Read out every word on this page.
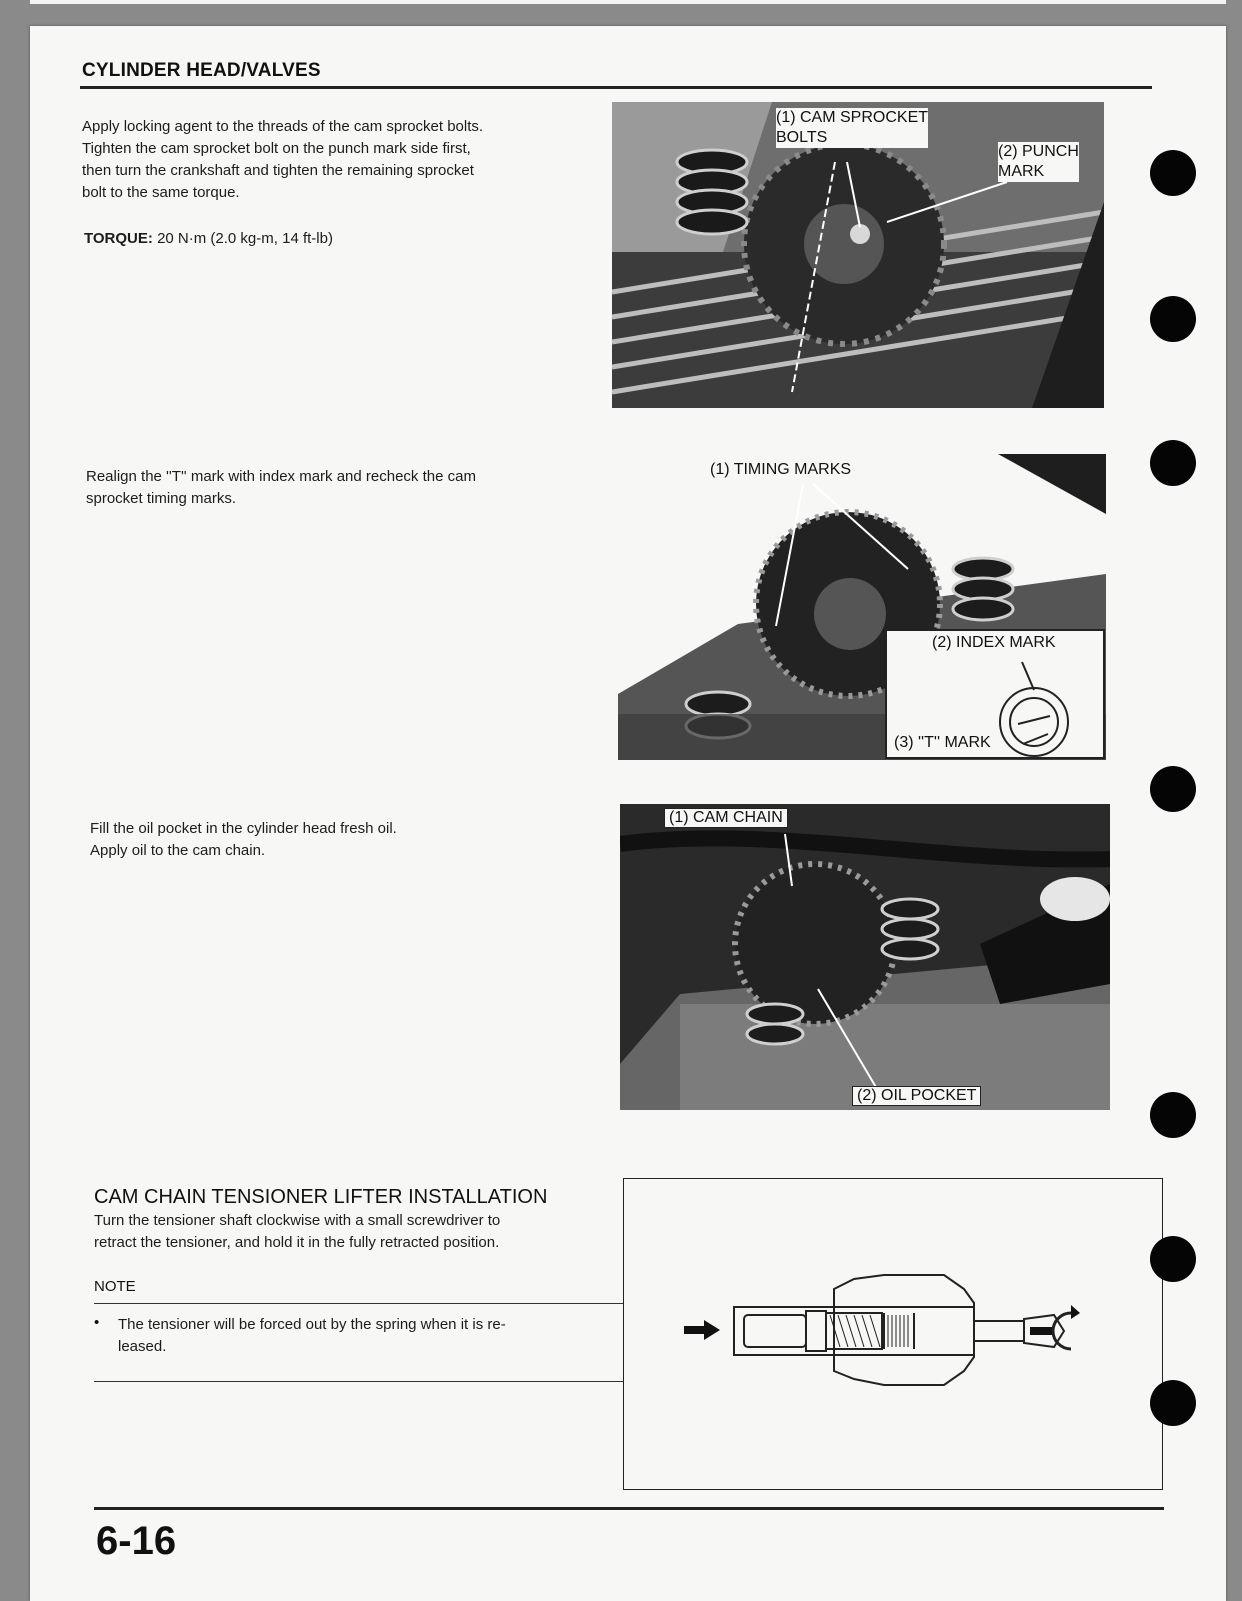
CYLINDER HEAD/VALVES
Apply locking agent to the threads of the cam sprocket bolts.
Tighten the cam sprocket bolt on the punch mark side first,
then turn the crankshaft and tighten the remaining sprocket
bolt to the same torque.
TORQUE: 20 N·m (2.0 kg-m, 14 ft-lb)
(1) CAM SPROCKET
BOLTS
(2) PUNCH
MARK
Realign the ''T'' mark with index mark and recheck the cam
sprocket timing marks.
(1) TIMING MARKS
(2) INDEX MARK
(3) ''T'' MARK
Fill the oil pocket in the cylinder head fresh oil.
Apply oil to the cam chain.
(1) CAM CHAIN
(2) OIL POCKET
CAM CHAIN TENSIONER LIFTER INSTALLATION
Turn the tensioner shaft clockwise with a small screwdriver to
retract the tensioner, and hold it in the fully retracted position.
NOTE
• The tensioner will be forced out by the spring when it is re-
leased.
6-16
